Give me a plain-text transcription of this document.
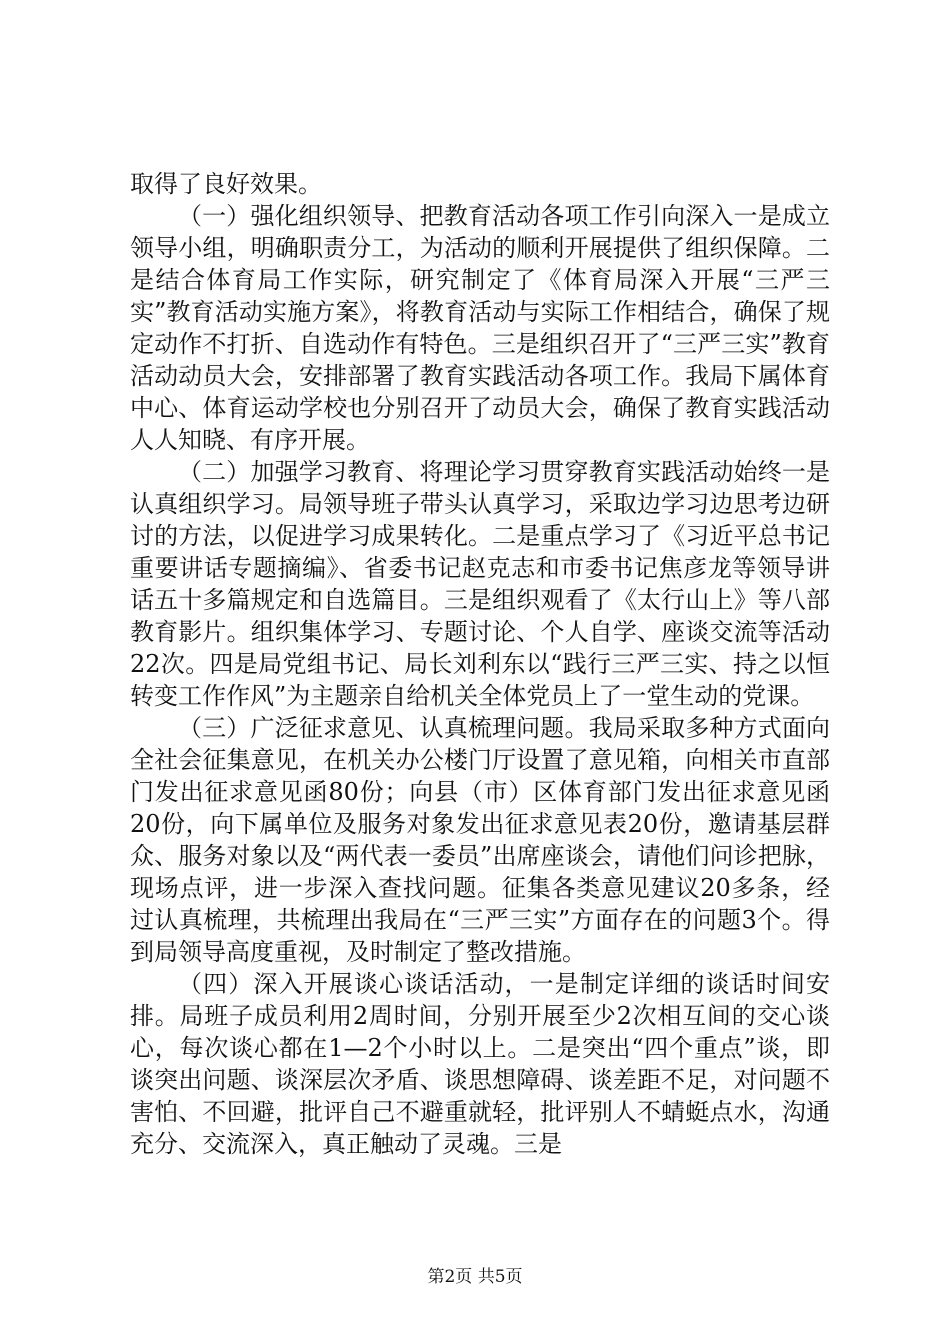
取得了良好效果。

（一）强化组织领导、把教育活动各项工作引向深入一是成立领导小组，明确职责分工，为活动的顺利开展提供了组织保障。二是结合体育局工作实际，研究制定了《体育局深入开展“三严三实”教育活动实施方案》，将教育活动与实际工作相结合，确保了规定动作不打折、自选动作有特色。三是组织召开了“三严三实”教育活动动员大会，安排部署了教育实践活动各项工作。我局下属体育中心、体育运动学校也分别召开了动员大会，确保了教育实践活动人人知晓、有序开展。

（二）加强学习教育、将理论学习贯穿教育实践活动始终一是认真组织学习。局领导班子带头认真学习，采取边学习边思考边研讨的方法，以促进学习成果转化。二是重点学习了《习近平总书记重要讲话专题摘编》、省委书记赵克志和市委书记焦彦龙等领导讲话五十多篇规定和自选篇目。三是组织观看了《太行山上》等八部教育影片。组织集体学习、专题讨论、个人自学、座谈交流等活动22次。四是局党组书记、局长刘利东以“践行三严三实、持之以恒转变工作作风”为主题亲自给机关全体党员上了一堂生动的党课。

（三）广泛征求意见、认真梳理问题。我局采取多种方式面向全社会征集意见，在机关办公楼门厅设置了意见箱，向相关市直部门发出征求意见函80份；向县（市）区体育部门发出征求意见函20份，向下属单位及服务对象发出征求意见表20份，邀请基层群众、服务对象以及“两代表一委员”出席座谈会，请他们问诊把脉，现场点评，进一步深入查找问题。征集各类意见建议20多条，经过认真梳理，共梳理出我局在“三严三实”方面存在的问题3个。得到局领导高度重视，及时制定了整改措施。

（四）深入开展谈心谈话活动，一是制定详细的谈话时间安排。局班子成员利用2周时间，分别开展至少2次相互间的交心谈心，每次谈心都在1—2个小时以上。二是突出“四个重点”谈，即谈突出问题、谈深层次矛盾、谈思想障碍、谈差距不足，对问题不害怕、不回避，批评自己不避重就轻，批评别人不蜻蜓点水，沟通充分、交流深入，真正触动了灵魂。三是

第2页 共5页
